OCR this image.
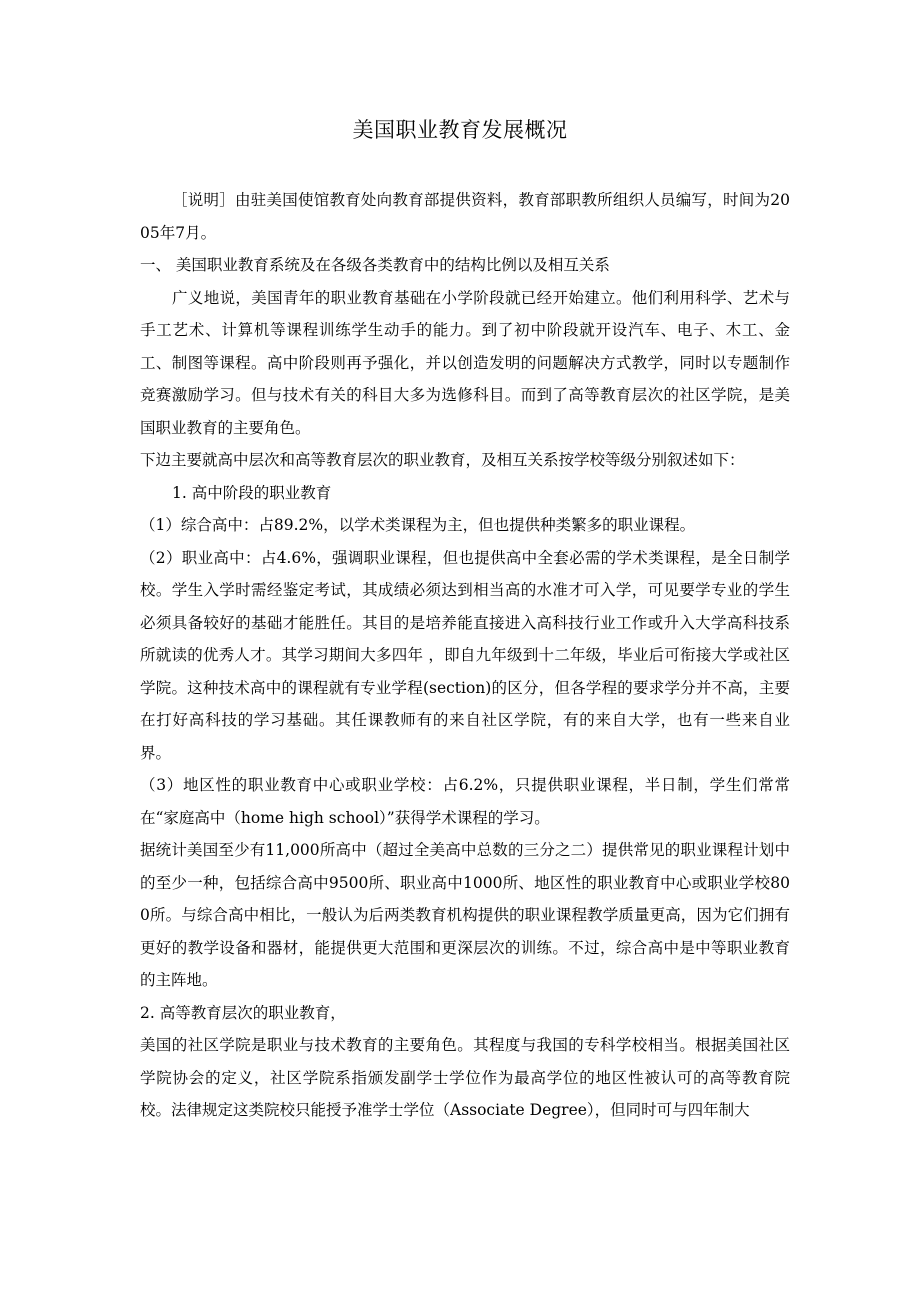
美国职业教育发展概况

［说明］由驻美国使馆教育处向教育部提供资料，教育部职教所组织人员编写，时间为2005年7月。

一、 美国职业教育系统及在各级各类教育中的结构比例以及相互关系

广义地说，美国青年的职业教育基础在小学阶段就已经开始建立。他们利用科学、艺术与手工艺术、计算机等课程训练学生动手的能力。到了初中阶段就开设汽车、电子、木工、金工、制图等课程。高中阶段则再予强化，并以创造发明的问题解决方式教学，同时以专题制作竞赛激励学习。但与技术有关的科目大多为选修科目。而到了高等教育层次的社区学院，是美国职业教育的主要角色。

下边主要就高中层次和高等教育层次的职业教育，及相互关系按学校等级分别叙述如下：

1. 高中阶段的职业教育

（1）综合高中：占89.2%，以学术类课程为主，但也提供种类繁多的职业课程。

（2）职业高中：占4.6%，强调职业课程，但也提供高中全套必需的学术类课程，是全日制学校。学生入学时需经鉴定考试，其成绩必须达到相当高的水准才可入学，可见要学专业的学生必须具备较好的基础才能胜任。其目的是培养能直接进入高科技行业工作或升入大学高科技系所就读的优秀人才。其学习期间大多四年 ，即自九年级到十二年级，毕业后可衔接大学或社区学院。这种技术高中的课程就有专业学程(section)的区分，但各学程的要求学分并不高，主要在打好高科技的学习基础。其任课教师有的来自社区学院，有的来自大学，也有一些来自业界。

（3）地区性的职业教育中心或职业学校：占6.2%，只提供职业课程，半日制，学生们常常在“家庭高中（home high school）”获得学术课程的学习。

据统计美国至少有11,000所高中（超过全美高中总数的三分之二）提供常见的职业课程计划中的至少一种，包括综合高中9500所、职业高中1000所、地区性的职业教育中心或职业学校800所。与综合高中相比，一般认为后两类教育机构提供的职业课程教学质量更高，因为它们拥有更好的教学设备和器材，能提供更大范围和更深层次的训练。不过，综合高中是中等职业教育的主阵地。

2. 高等教育层次的职业教育，

美国的社区学院是职业与技术教育的主要角色。其程度与我国的专科学校相当。根据美国社区学院协会的定义，社区学院系指颁发副学士学位作为最高学位的地区性被认可的高等教育院校。法律规定这类院校只能授予准学士学位（Associate Degree），但同时可与四年制大
